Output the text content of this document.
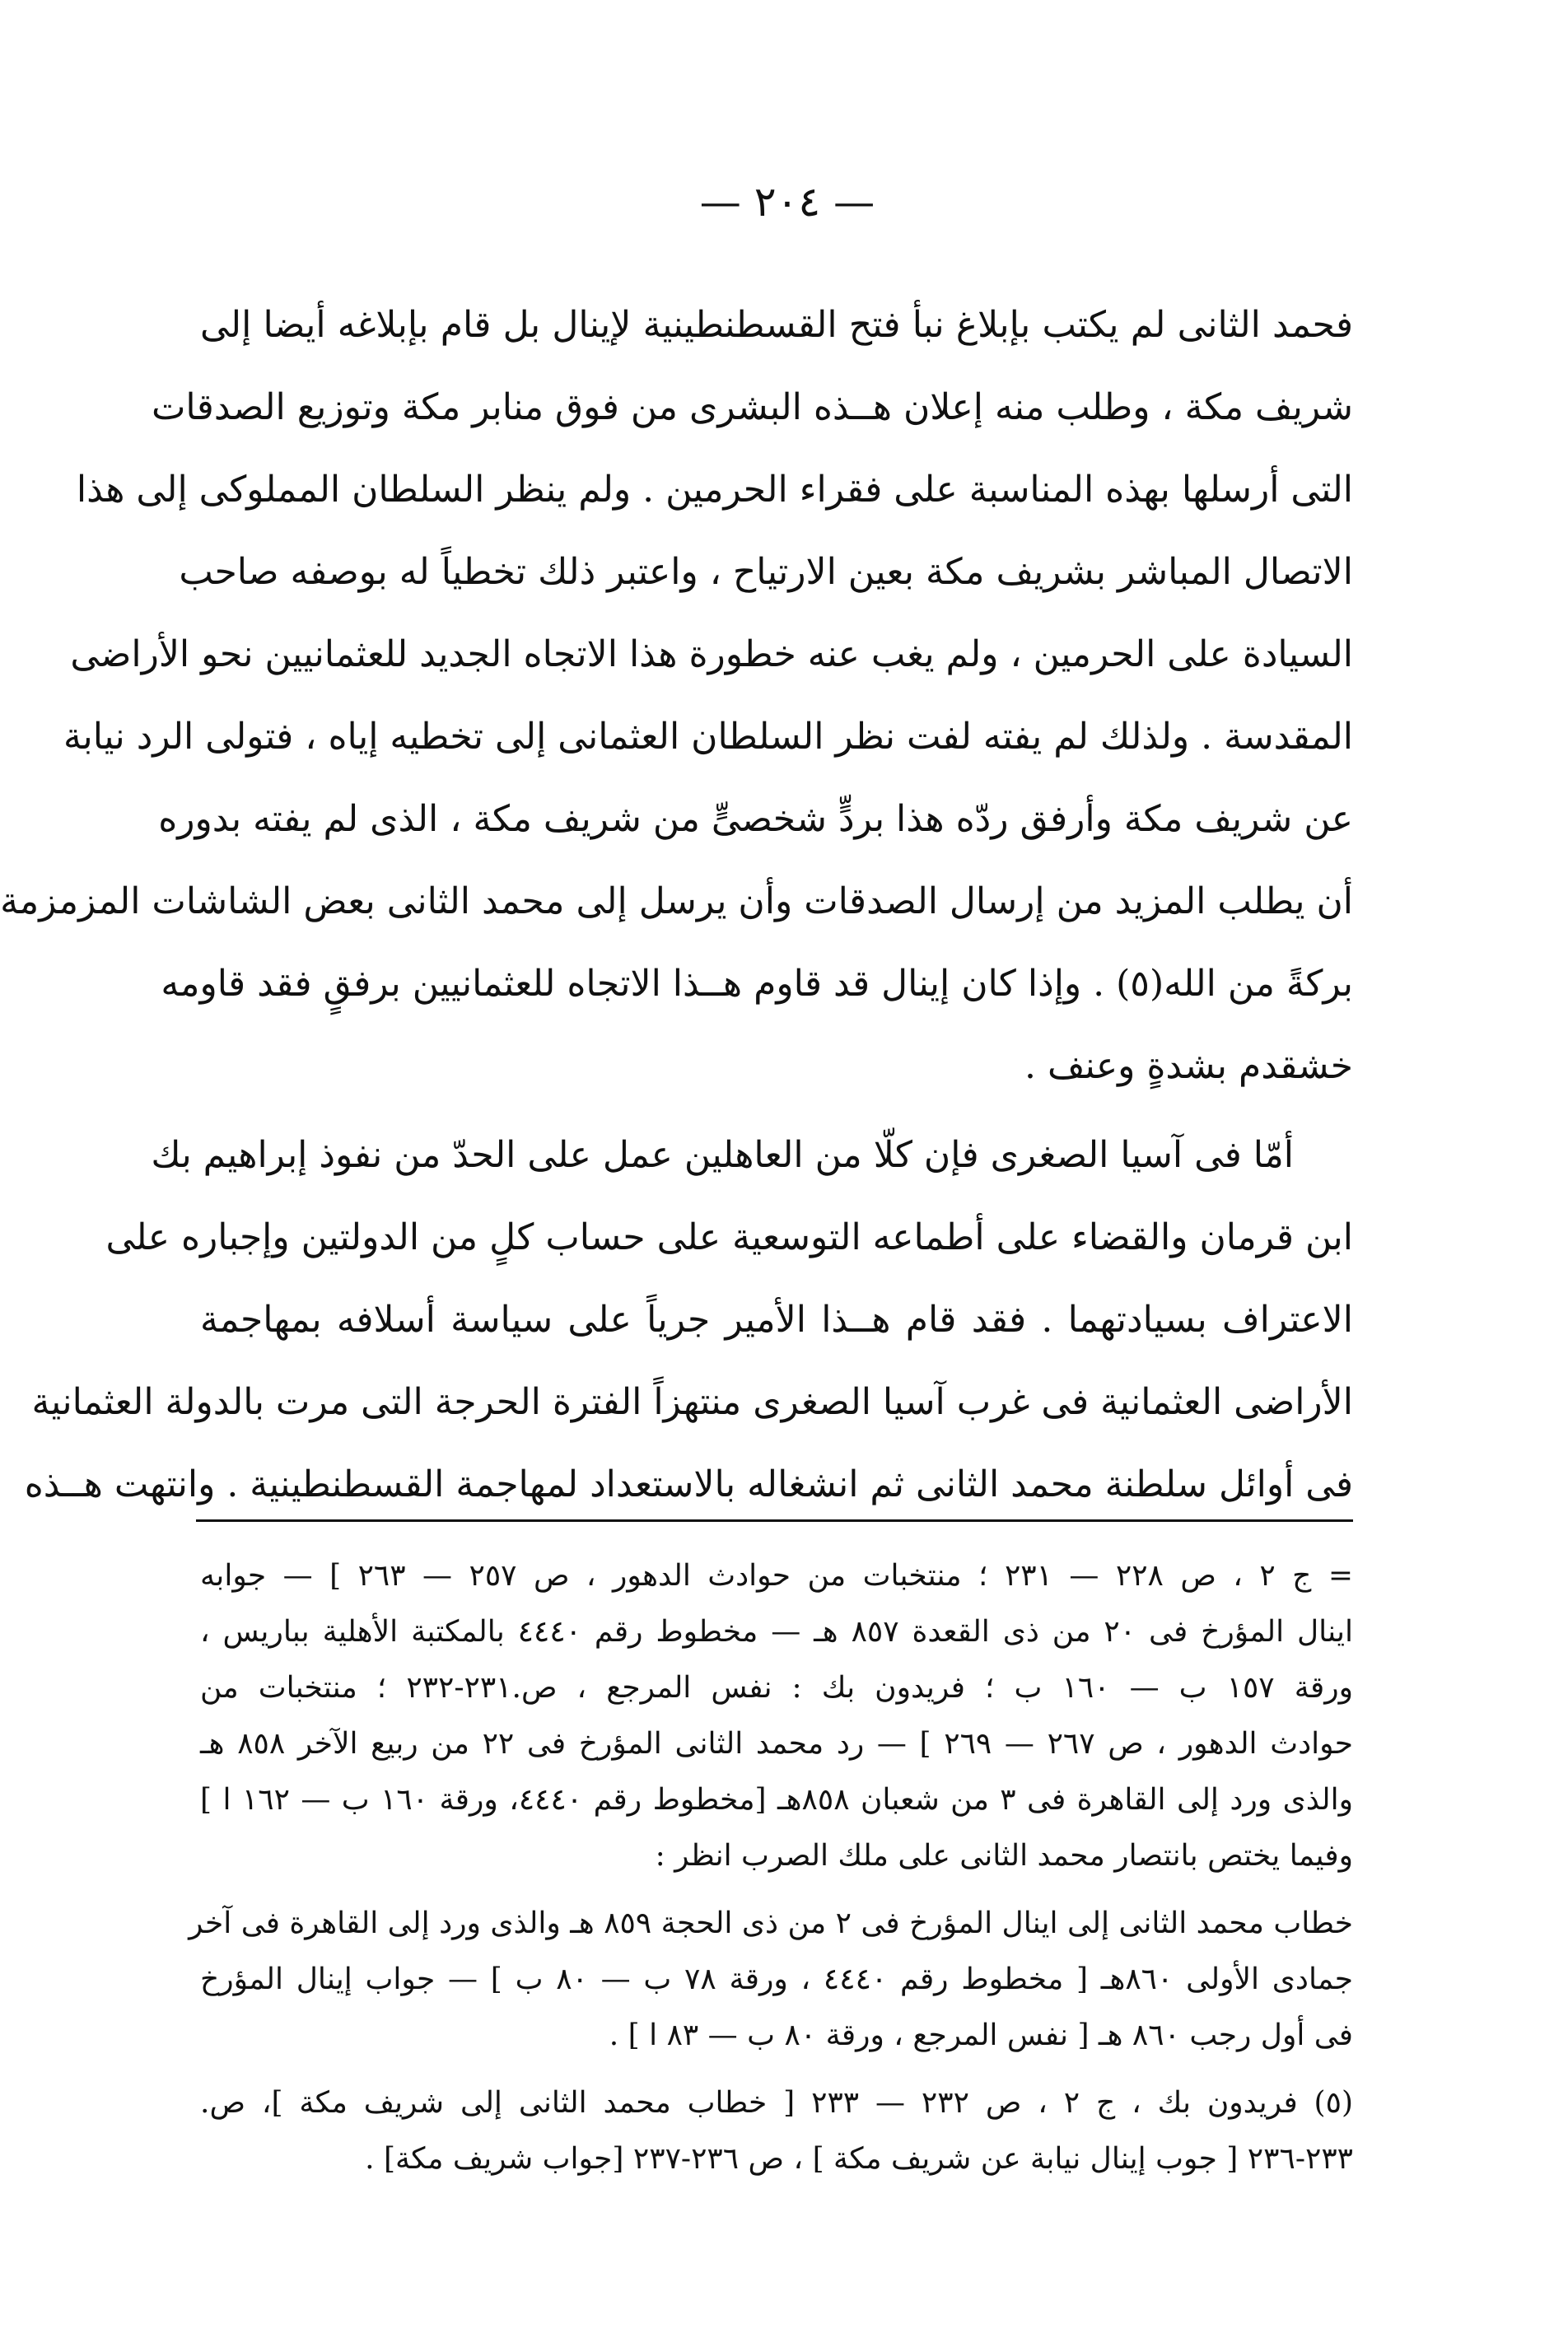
— ٢٠٤ —
فحمد الثانى لم يكتب بإبلاغ نبأ فتح القسطنطينية لإينال بل قام بإبلاغه أيضا إلى
شريف مكة ، وطلب منه إعلان هــذه البشرى من فوق منابر مكة وتوزيع الصدقات
التى أرسلها بهذه المناسبة على فقراء الحرمين . ولم ينظر السلطان المملوكى إلى هذا
الاتصال المباشر بشريف مكة بعين الارتياح ، واعتبر ذلك تخطياً له بوصفه صاحب
السيادة على الحرمين ، ولم يغب عنه خطورة هذا الاتجاه الجديد للعثمانيين نحو الأراضى
المقدسة . ولذلك لم يفته لفت نظر السلطان العثمانى إلى تخطيه إياه ، فتولى الرد نيابة
عن شريف مكة وأرفق ردّه هذا بردٍّ شخصىٍّ من شريف مكة ، الذى لم يفته بدوره
أن يطلب المزيد من إرسال الصدقات وأن يرسل إلى محمد الثانى بعض الشاشات المزمزمة
بركةً من الله(٥) . وإذا كان إينال قد قاوم هــذا الاتجاه للعثمانيين برفقٍ فقد قاومه
خشقدم بشدةٍ وعنف .
أمّا فى آسيا الصغرى فإن كلّا من العاهلين عمل على الحدّ من نفوذ إبراهيم بك
ابن قرمان والقضاء على أطماعه التوسعية على حساب كلٍ من الدولتين وإجباره على
الاعتراف بسيادتهما . فقد قام هــذا الأمير جرياً على سياسة أسلافه بمهاجمة
الأراضى العثمانية فى غرب آسيا الصغرى منتهزاً الفترة الحرجة التى مرت بالدولة العثمانية
فى أوائل سلطنة محمد الثانى ثم انشغاله بالاستعداد لمهاجمة القسطنطينية . وانتهت هــذه
= ج ٢ ، ص ٢٢٨ — ٢٣١ ؛ منتخبات من حوادث الدهور ، ص ٢٥٧ — ٢٦٣ ] — جوابه
اينال المؤرخ فى ٢٠ من ذى القعدة ٨٥٧ هـ — مخطوط رقم ٤٤٤٠ بالمكتبة الأهلية بباريس ،
ورقة ١٥٧ ب — ١٦٠ ب ؛ فريدون بك : نفس المرجع ، ص.٢٣١-٢٣٢ ؛ منتخبات من
حوادث الدهور ، ص ٢٦٧ — ٢٦٩ ] — رد محمد الثانى المؤرخ فى ٢٢ من ربيع الآخر ٨٥٨ هـ
والذى ورد إلى القاهرة فى ٣ من شعبان ٨٥٨هـ [مخطوط رقم ٤٤٤٠، ورقة ١٦٠ ب — ١٦٢ ا ]
وفيما يختص بانتصار محمد الثانى على ملك الصرب انظر :
خطاب محمد الثانى إلى اينال المؤرخ فى ٢ من ذى الحجة ٨٥٩ هـ والذى ورد إلى القاهرة فى آخر
جمادى الأولى ٨٦٠هـ [ مخطوط رقم ٤٤٤٠ ، ورقة ٧٨ ب — ٨٠ ب ] — جواب إينال المؤرخ
فى أول رجب ٨٦٠ هـ [ نفس المرجع ، ورقة ٨٠ ب — ٨٣ ا ] .
(٥) فريدون بك ، ج ٢ ، ص ٢٣٢ — ٢٣٣ [ خطاب محمد الثانى إلى شريف مكة ]، ص.
٢٣٣-٢٣٦ [ جوب إينال نيابة عن شريف مكة ] ، ص ٢٣٦-٢٣٧ [جواب شريف مكة] .
